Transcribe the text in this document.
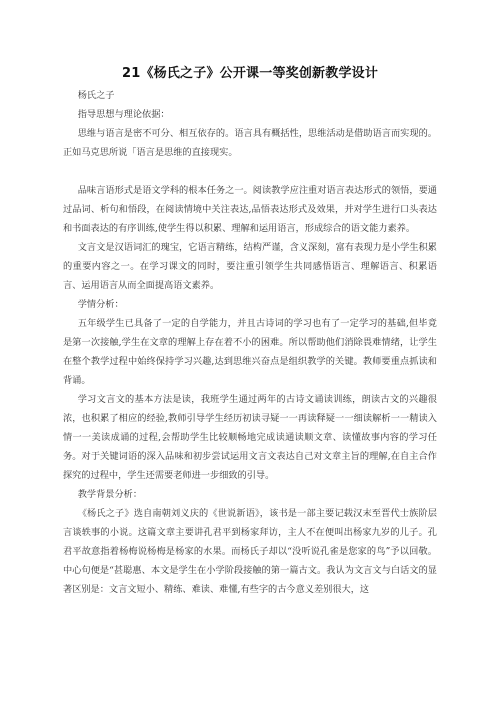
21《杨氏之子》公开课一等奖创新教学设计

杨氏之子

指导思想与理论依据：

思维与语言是密不可分、相互依存的。语言具有概括性，思维活动是借助语言而实现的。正如马克思所说「语言是思维的直接现实。

品味言语形式是语文学科的根本任务之一。阅读教学应注重对语言表达形式的领悟，要通过品词、析句和悟段，在阅读情境中关注表达,品悟表达形式及效果，并对学生进行口头表达和书面表达的有序训练,使学生得以积累、理解和运用语言，形成综合的语文能力素养。

文言文是汉语词汇的瑰宝，它语言精练，结构严谨，含义深刻，富有表现力是小学生积累的重要内容之一。在学习课文的同时，要注重引领学生共同感悟语言、理解语言、积累语言、运用语言从而全面提高语文素养。

学情分析：

五年级学生已具备了一定的自学能力，并且古诗词的学习也有了一定学习的基础,但毕竟是第一次接触,学生在文章的理解上存在着不小的困难。所以帮助他们消除畏难情绪，让学生在整个教学过程中始终保持学习兴趣,达到思维兴奋点是组织教学的关键。教师要重点抓读和背诵。

学习文言文的基本方法是读，我班学生通过两年的古诗文诵读训练，朗读古文的兴趣很浓，也积累了相应的经验,教师引导学生经历初读寻疑一一再读释疑一一细读解析一一精读入情一一美读成诵的过程,会帮助学生比较顺畅地完成读通读顺文章、读懂故事内容的学习任务。对于关键词语的深入品味和初步尝试运用文言文表达自己对文章主旨的理解,在自主合作探究的过程中，学生还需要老师进一步细致的引导。

教学背景分析：

《杨氏之子》选自南朝刘义庆的《世说新语》，该书是一部主要记载汉末至晋代士族阶层言谈轶事的小说。这篇文章主要讲孔君平到杨家拜访，主人不在便叫出杨家九岁的儿子。孔君平故意指着杨梅说杨梅是杨家的水果。而杨氏子却以“没听说孔雀是您家的鸟”予以回敬。中心句便是“甚聪惠、本文是学生在小学阶段接触的第一篇古文。我认为文言文与白话文的显著区别是：文言文短小、精练、难读、难懂,有些字的古今意义差别很大，这
